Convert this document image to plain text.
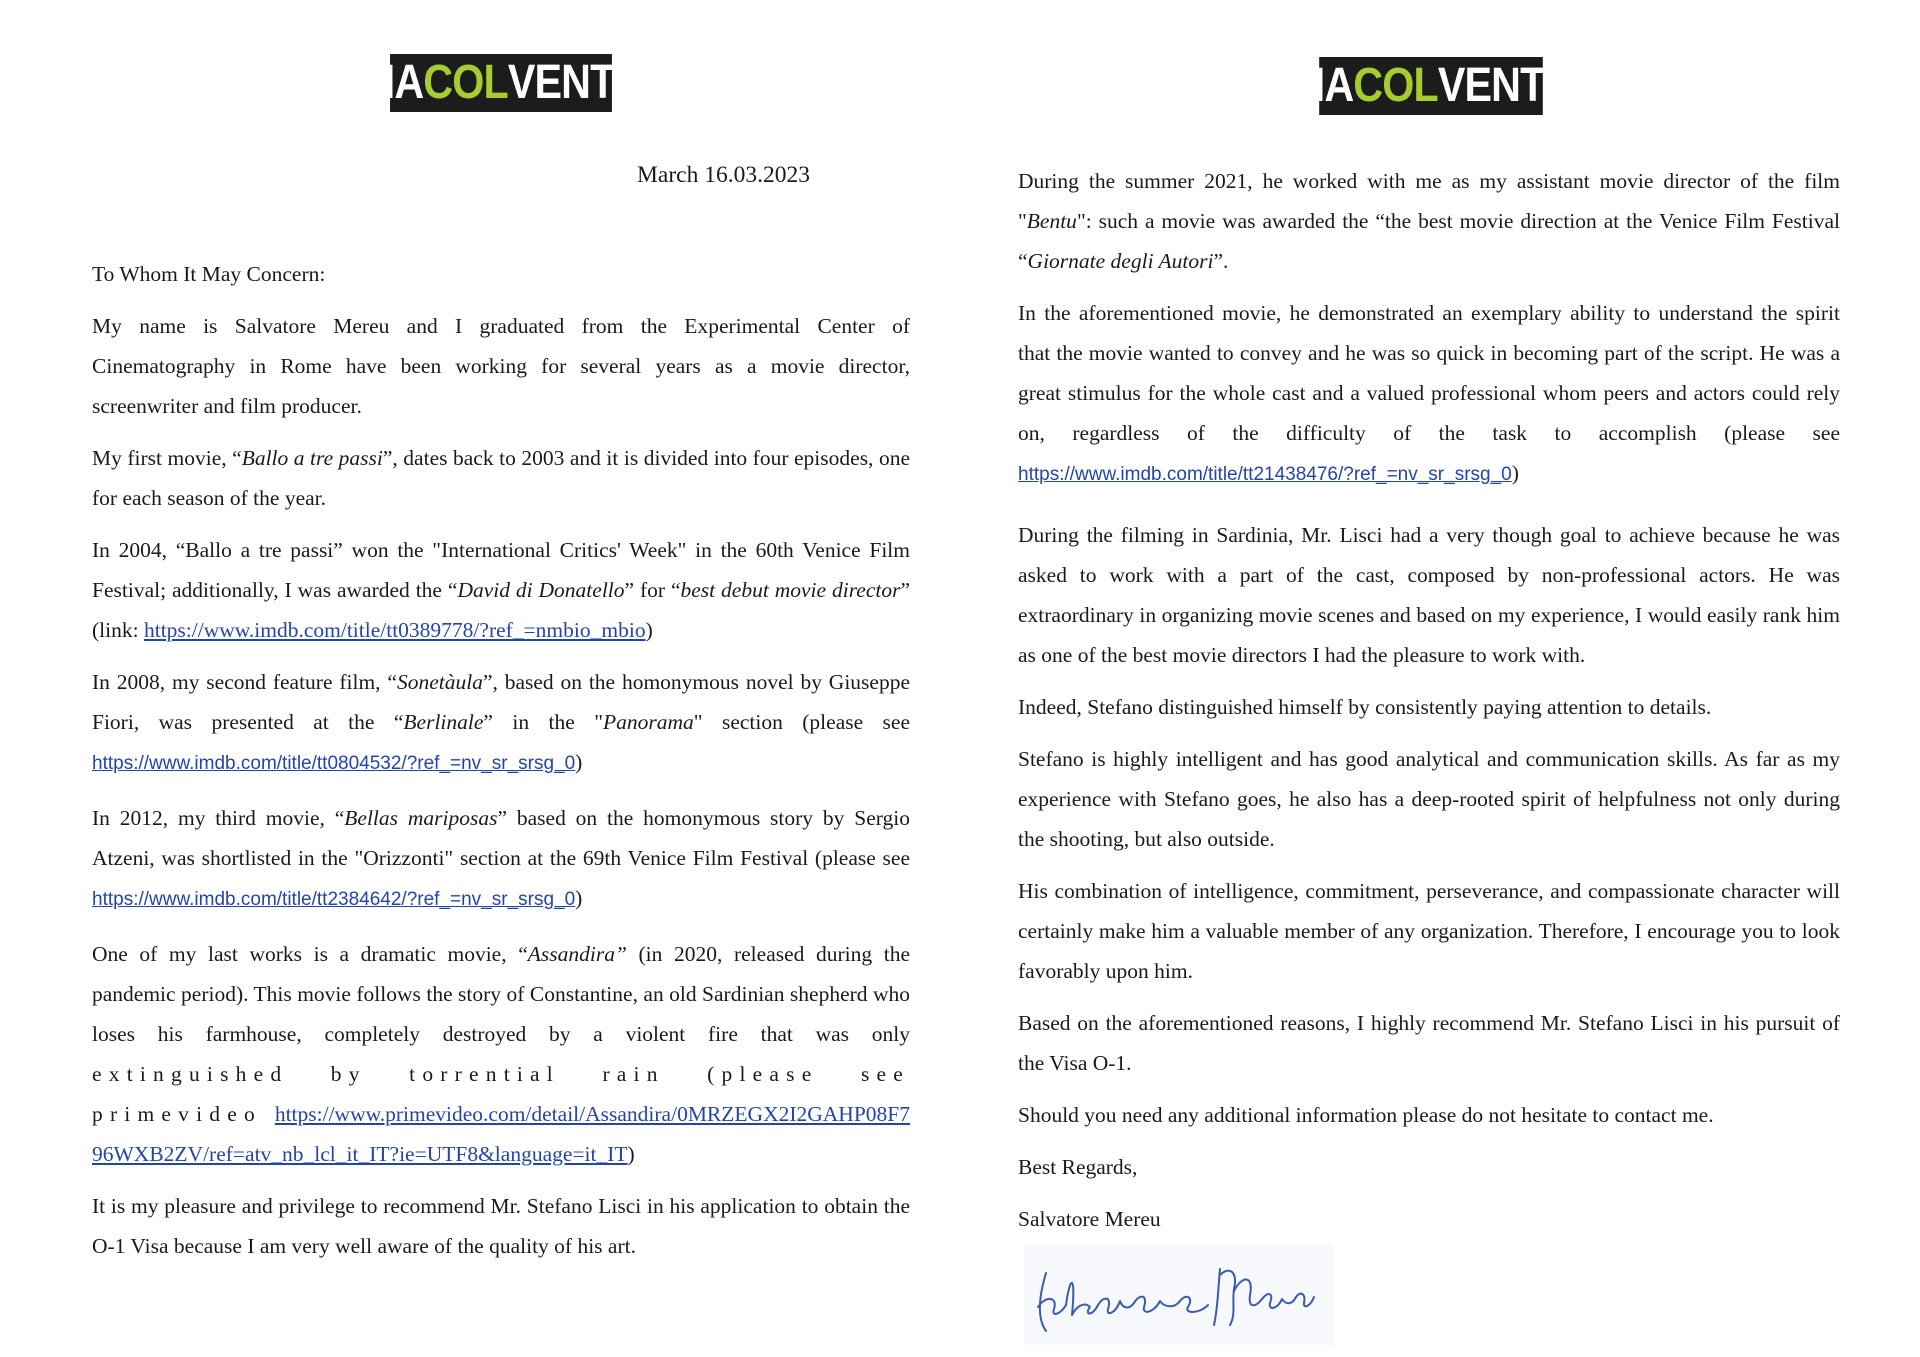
VIA COL VENTO
March 16.03.2023

To Whom It May Concern:

My name is Salvatore Mereu and I graduated from the Experimental Center of Cinematography in Rome have been working for several years as a movie director, screenwriter and film producer.

My first movie, “Ballo a tre passi”, dates back to 2003 and it is divided into four episodes, one for each season of the year.

In 2004, “Ballo a tre passi” won the "International Critics' Week" in the 60th Venice Film Festival; additionally, I was awarded the “David di Donatello” for “best debut movie director” (link: https://www.imdb.com/title/tt0389778/?ref_=nmbio_mbio)

In 2008, my second feature film, “Sonetàula”, based on the homonymous novel by Giuseppe Fiori, was presented at the “Berlinale” in the "Panorama" section (please see https://www.imdb.com/title/tt0804532/?ref_=nv_sr_srsg_0)

In 2012, my third movie, “Bellas mariposas” based on the homonymous story by Sergio Atzeni, was shortlisted in the "Orizzonti" section at the 69th Venice Film Festival (please see https://www.imdb.com/title/tt2384642/?ref_=nv_sr_srsg_0)

One of my last works is a dramatic movie, “Assandira” (in 2020, released during the pandemic period). This movie follows the story of Constantine, an old Sardinian shepherd who loses his farmhouse, completely destroyed by a violent fire that was only extinguished by torrential rain (please see primevideo https://www.primevideo.com/detail/Assandira/0MRZEGX2I2GAHP08F796WXB2ZV/ref=atv_nb_lcl_it_IT?ie=UTF8&language=it_IT)

It is my pleasure and privilege to recommend Mr. Stefano Lisci in his application to obtain the O-1 Visa because I am very well aware of the quality of his art.

VIA COL VENTO

During the summer 2021, he worked with me as my assistant movie director of the film "Bentu": such a movie was awarded the “the best movie direction at the Venice Film Festival “Giornate degli Autori”.

In the aforementioned movie, he demonstrated an exemplary ability to understand the spirit that the movie wanted to convey and he was so quick in becoming part of the script. He was a great stimulus for the whole cast and a valued professional whom peers and actors could rely on, regardless of the difficulty of the task to accomplish (please see https://www.imdb.com/title/tt21438476/?ref_=nv_sr_srsg_0)

During the filming in Sardinia, Mr. Lisci had a very though goal to achieve because he was asked to work with a part of the cast, composed by non-professional actors. He was extraordinary in organizing movie scenes and based on my experience, I would easily rank him as one of the best movie directors I had the pleasure to work with.

Indeed, Stefano distinguished himself by consistently paying attention to details.

Stefano is highly intelligent and has good analytical and communication skills. As far as my experience with Stefano goes, he also has a deep-rooted spirit of helpfulness not only during the shooting, but also outside.

His combination of intelligence, commitment, perseverance, and compassionate character will certainly make him a valuable member of any organization. Therefore, I encourage you to look favorably upon him.

Based on the aforementioned reasons, I highly recommend Mr. Stefano Lisci in his pursuit of the Visa O-1.

Should you need any additional information please do not hesitate to contact me.

Best Regards,

Salvatore Mereu
